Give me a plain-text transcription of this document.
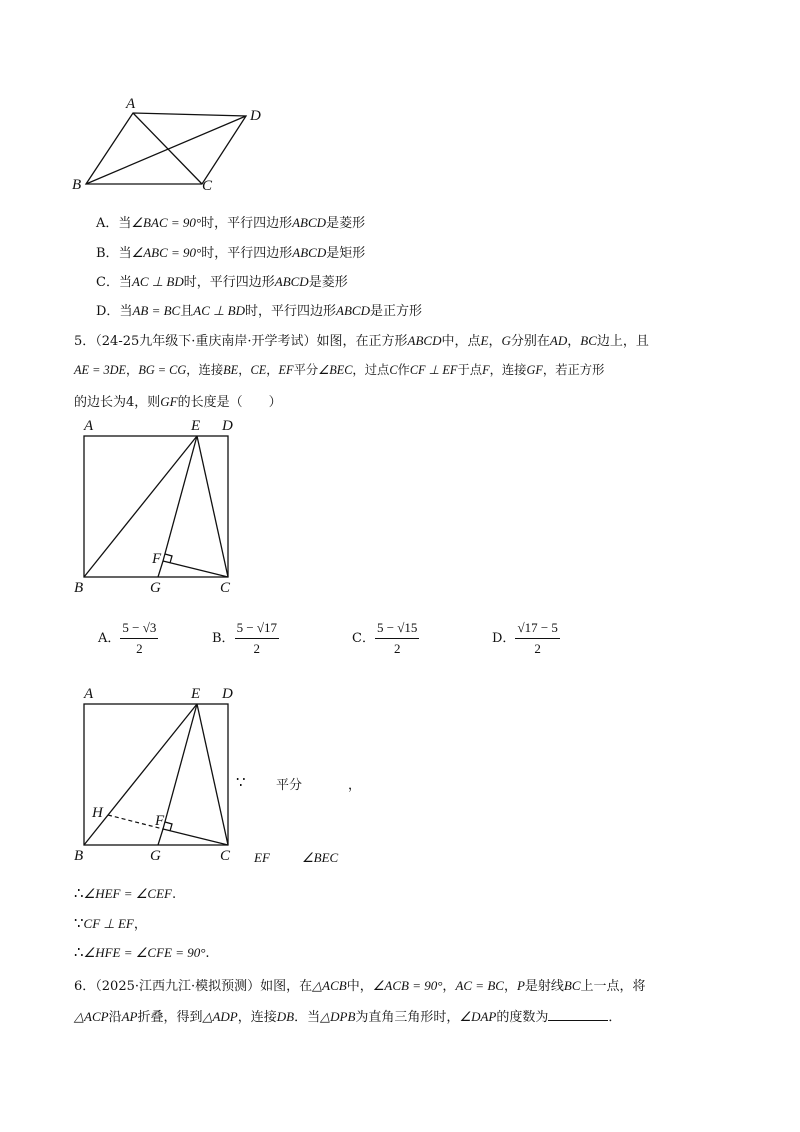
A
D
B	C
A．当∠BAC = 90°时，平行四边形ABCD是菱形
B．当∠ABC = 90°时，平行四边形ABCD是矩形
C．当AC ⊥ BD时，平行四边形ABCD是菱形
D．当AB = BC且AC ⊥ BD时，平行四边形ABCD是正方形
5．（24-25九年级下·重庆南岸·开学考试）如图，在正方形ABCD中，点E，G分别在AD，BC边上，且
AE = 3DE，BG = CG，连接BE，CE，EF平分∠BEC，过点C作CF ⊥ EF于点F，连接GF，若正方形
的边长为4，则GF的长度是（　　）
A	E D
F
B	G	C
A． $\frac{5 - √3}{2}$	B． $\frac{5 - √17}{2}$	C． $\frac{5 - √15}{2}$	D． $\frac{√17 - 5}{2}$
A	E D
H	F
B	G	C
∵ 平分	，
EF ∠BEC
∴∠HEF = ∠CEF.
∵CF ⊥ EF，
∴∠HFE = ∠CFE = 90°.
6．（2025·江西九江·模拟预测）如图，在△ACB中，∠ACB = 90°，AC = BC，P是射线BC上一点，将
△ACP沿AP折叠，得到△ADP，连接DB．当△DPB为直角三角形时，∠DAP的度数为	．
